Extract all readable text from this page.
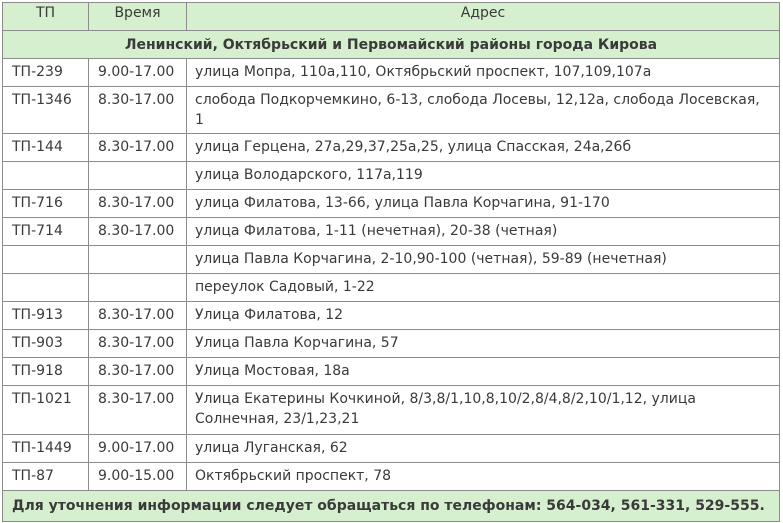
ТП	Время	Адрес
Ленинский, Октябрьский и Первомайский районы города Кирова		
ТП-239	9.00-17.00	улица Мопра, 110а,110, Октябрьский проспект, 107,109,107а
ТП-1346	8.30-17.00	слобода Подкорчемкино, 6-13, слобода Лосевы, 12,12а, слобода Лосевская, 1
ТП-144	8.30-17.00	улица Герцена, 27а,29,37,25а,25, улица Спасская, 24а,26б
		улица Володарского, 117а,119
ТП-716	8.30-17.00	улица Филатова, 13-66, улица Павла Корчагина, 91-170
ТП-714	8.30-17.00	улица Филатова, 1-11 (нечетная), 20-38 (четная)
		улица Павла Корчагина, 2-10,90-100 (четная), 59-89 (нечетная)
		переулок Садовый, 1-22
ТП-913	8.30-17.00	Улица Филатова, 12
ТП-903	8.30-17.00	Улица Павла Корчагина, 57
ТП-918	8.30-17.00	Улица Мостовая, 18а
ТП-1021	8.30-17.00	Улица Екатерины Кочкиной, 8/3,8/1,10,8,10/2,8/4,8/2,10/1,12, улица Солнечная, 23/1,23,21
ТП-1449	9.00-17.00	улица Луганская, 62
ТП-87	9.00-15.00	Октябрьский проспект, 78
Для уточнения информации следует обращаться по телефонам: 564-034, 561-331, 529-555.		
